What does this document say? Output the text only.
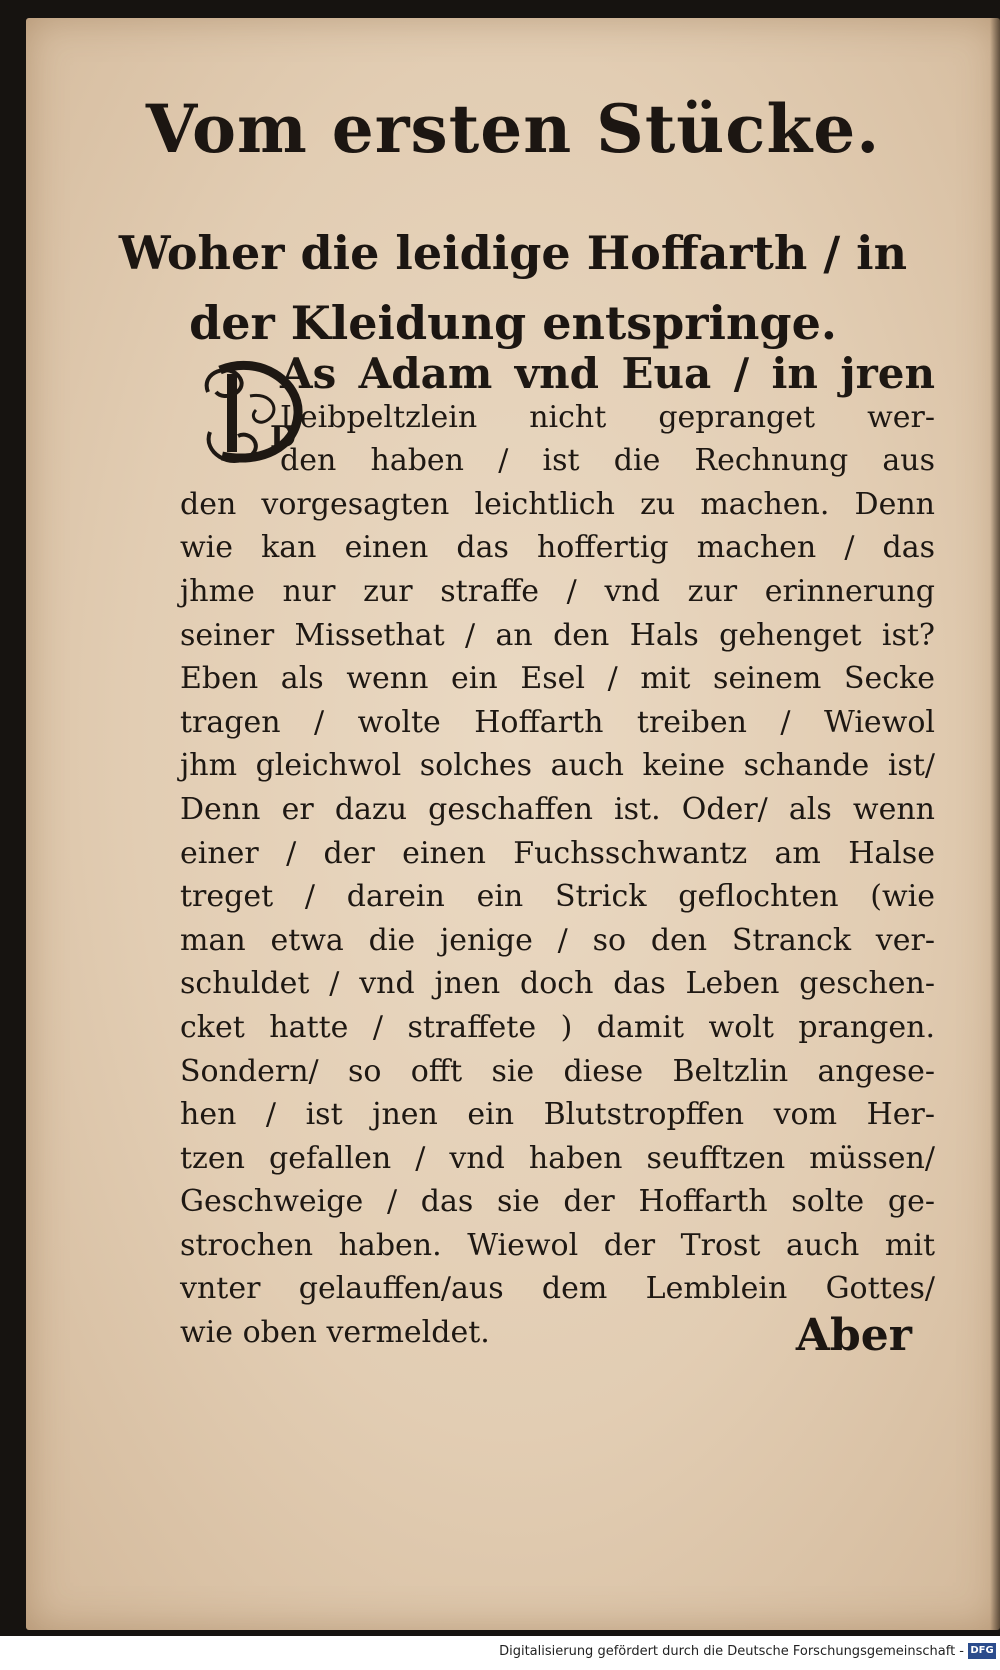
Vom ersten Stücke.
Woher die leidige Hoffarth / in
der Kleidung entspringe.
D
As Adam vnd Eua / in jren
Leibpeltzlein nicht gepranget wer-
den haben / ist die Rechnung aus
den vorgesagten leichtlich zu machen. Denn
wie kan einen das hoffertig machen / das
jhme nur zur straffe / vnd zur erinnerung
seiner Missethat / an den Hals gehenget ist?
Eben als wenn ein Esel / mit seinem Secke
tragen / wolte Hoffarth treiben / Wiewol
jhm gleichwol solches auch keine schande ist/
Denn er dazu geschaffen ist. Oder/ als wenn
einer / der einen Fuchsschwantz am Halse
treget / darein ein Strick geflochten (wie
man etwa die jenige / so den Stranck ver-
schuldet / vnd jnen doch das Leben geschen-
cket hatte / straffete ) damit wolt prangen.
Sondern/ so offt sie diese Beltzlin angese-
hen / ist jnen ein Blutstropffen vom Her-
tzen gefallen / vnd haben seufftzen müssen/
Geschweige / das sie der Hoffarth solte ge-
strochen haben. Wiewol der Trost auch mit
vnter gelauffen/aus dem Lemblein Gottes/
wie oben vermeldet.	Aber
Digitalisierung gefördert durch die Deutsche Forschungsgemeinschaft - DFG
